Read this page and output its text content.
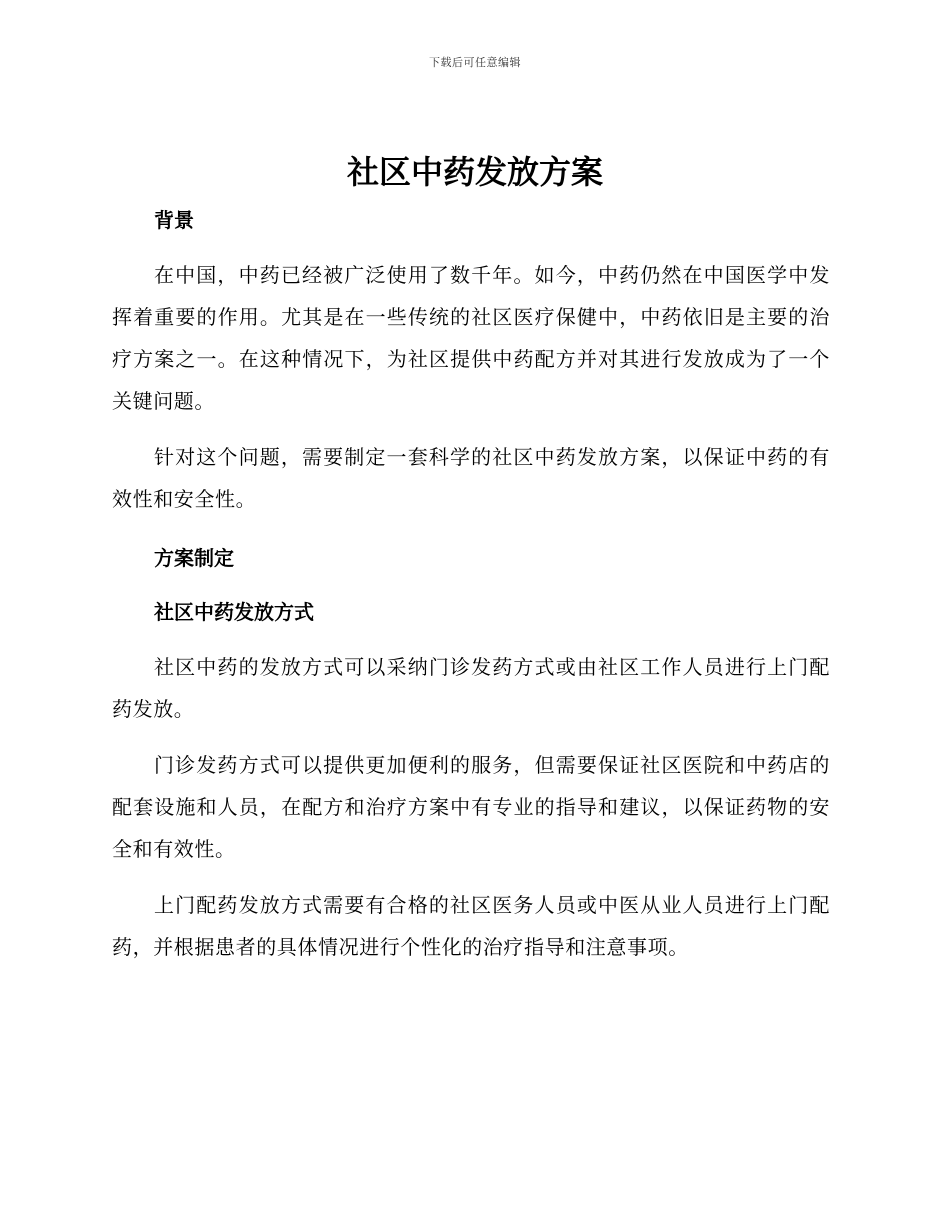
下载后可任意编辑
社区中药发放方案
背景

在中国，中药已经被广泛使用了数千年。如今，中药仍然在中国医学中发挥着重要的作用。尤其是在一些传统的社区医疗保健中，中药依旧是主要的治疗方案之一。在这种情况下，为社区提供中药配方并对其进行发放成为了一个关键问题。

针对这个问题，需要制定一套科学的社区中药发放方案，以保证中药的有效性和安全性。

方案制定
社区中药发放方式

社区中药的发放方式可以采纳门诊发药方式或由社区工作人员进行上门配药发放。

门诊发药方式可以提供更加便利的服务，但需要保证社区医院和中药店的配套设施和人员，在配方和治疗方案中有专业的指导和建议，以保证药物的安全和有效性。

上门配药发放方式需要有合格的社区医务人员或中医从业人员进行上门配药，并根据患者的具体情况进行个性化的治疗指导和注意事项。
